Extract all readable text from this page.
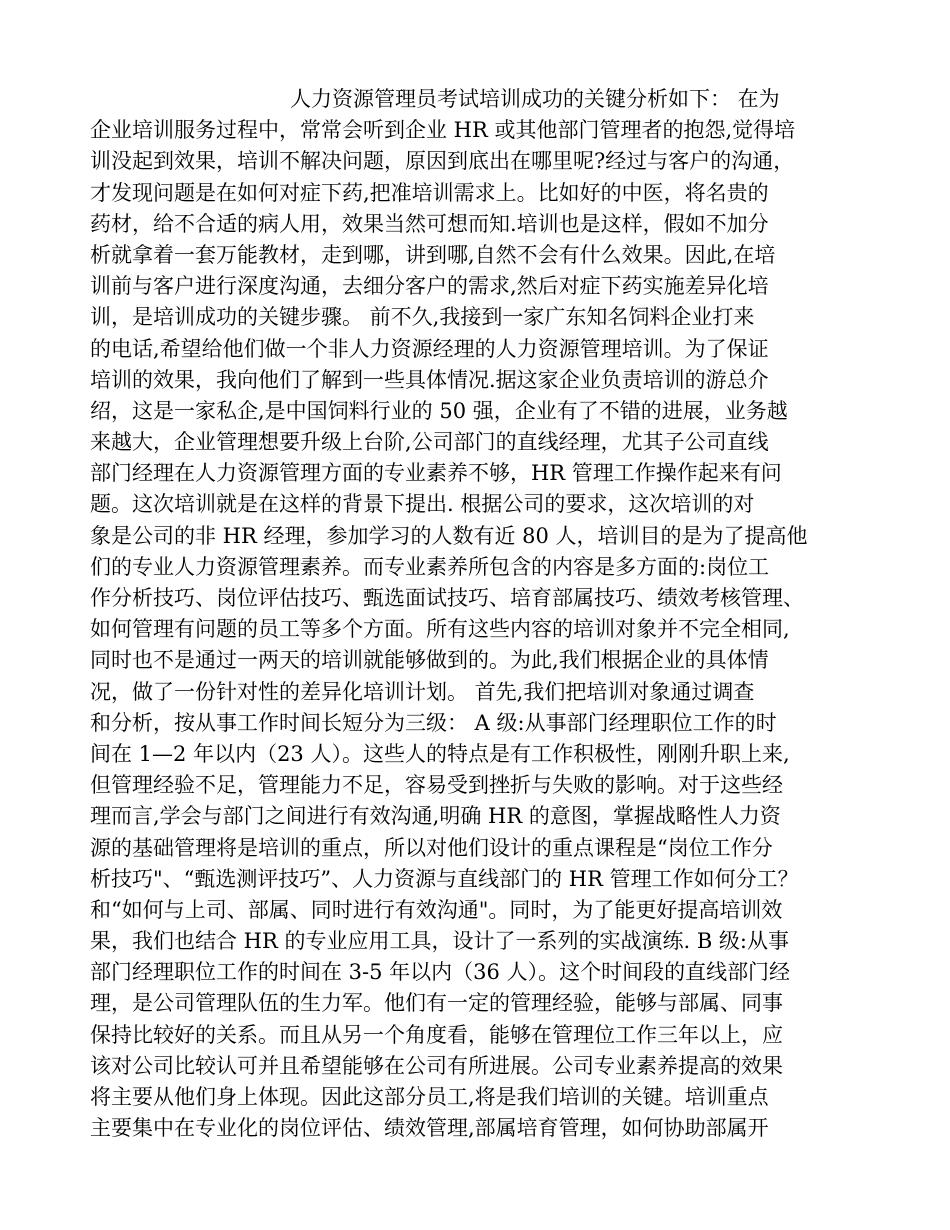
人力资源管理员考试培训成功的关键分析如下： 在为
企业培训服务过程中，常常会听到企业 HR 或其他部门管理者的抱怨,觉得培
训没起到效果，培训不解决问题，原因到底出在哪里呢?经过与客户的沟通，
才发现问题是在如何对症下药,把准培训需求上。比如好的中医，将名贵的
药材，给不合适的病人用，效果当然可想而知.培训也是这样，假如不加分
析就拿着一套万能教材，走到哪，讲到哪,自然不会有什么效果。因此,在培
训前与客户进行深度沟通，去细分客户的需求,然后对症下药实施差异化培
训，是培训成功的关键步骤。 前不久,我接到一家广东知名饲料企业打来
的电话,希望给他们做一个非人力资源经理的人力资源管理培训。为了保证
培训的效果，我向他们了解到一些具体情况.据这家企业负责培训的游总介
绍，这是一家私企,是中国饲料行业的 50 强，企业有了不错的进展，业务越
来越大，企业管理想要升级上台阶,公司部门的直线经理，尤其子公司直线
部门经理在人力资源管理方面的专业素养不够，HR 管理工作操作起来有问
题。这次培训就是在这样的背景下提出. 根据公司的要求，这次培训的对
象是公司的非 HR 经理，参加学习的人数有近 80 人，培训目的是为了提高他
们的专业人力资源管理素养。而专业素养所包含的内容是多方面的:岗位工
作分析技巧、岗位评估技巧、甄选面试技巧、培育部属技巧、绩效考核管理、
如何管理有问题的员工等多个方面。所有这些内容的培训对象并不完全相同,
同时也不是通过一两天的培训就能够做到的。为此,我们根据企业的具体情
况，做了一份针对性的差异化培训计划。 首先,我们把培训对象通过调查
和分析，按从事工作时间长短分为三级： A 级:从事部门经理职位工作的时
间在 1—2 年以内（23 人）。这些人的特点是有工作积极性，刚刚升职上来,
但管理经验不足，管理能力不足，容易受到挫折与失败的影响。对于这些经
理而言,学会与部门之间进行有效沟通,明确 HR 的意图，掌握战略性人力资
源的基础管理将是培训的重点，所以对他们设计的重点课程是“岗位工作分
析技巧"、“甄选测评技巧”、人力资源与直线部门的 HR 管理工作如何分工？
和“如何与上司、部属、同时进行有效沟通"。同时，为了能更好提高培训效
果，我们也结合 HR 的专业应用工具，设计了一系列的实战演练. B 级:从事
部门经理职位工作的时间在 3-5 年以内（36 人）。这个时间段的直线部门经
理，是公司管理队伍的生力军。他们有一定的管理经验，能够与部属、同事
保持比较好的关系。而且从另一个角度看，能够在管理位工作三年以上，应
该对公司比较认可并且希望能够在公司有所进展。公司专业素养提高的效果
将主要从他们身上体现。因此这部分员工,将是我们培训的关键。培训重点
主要集中在专业化的岗位评估、绩效管理,部属培育管理，如何协助部属开
